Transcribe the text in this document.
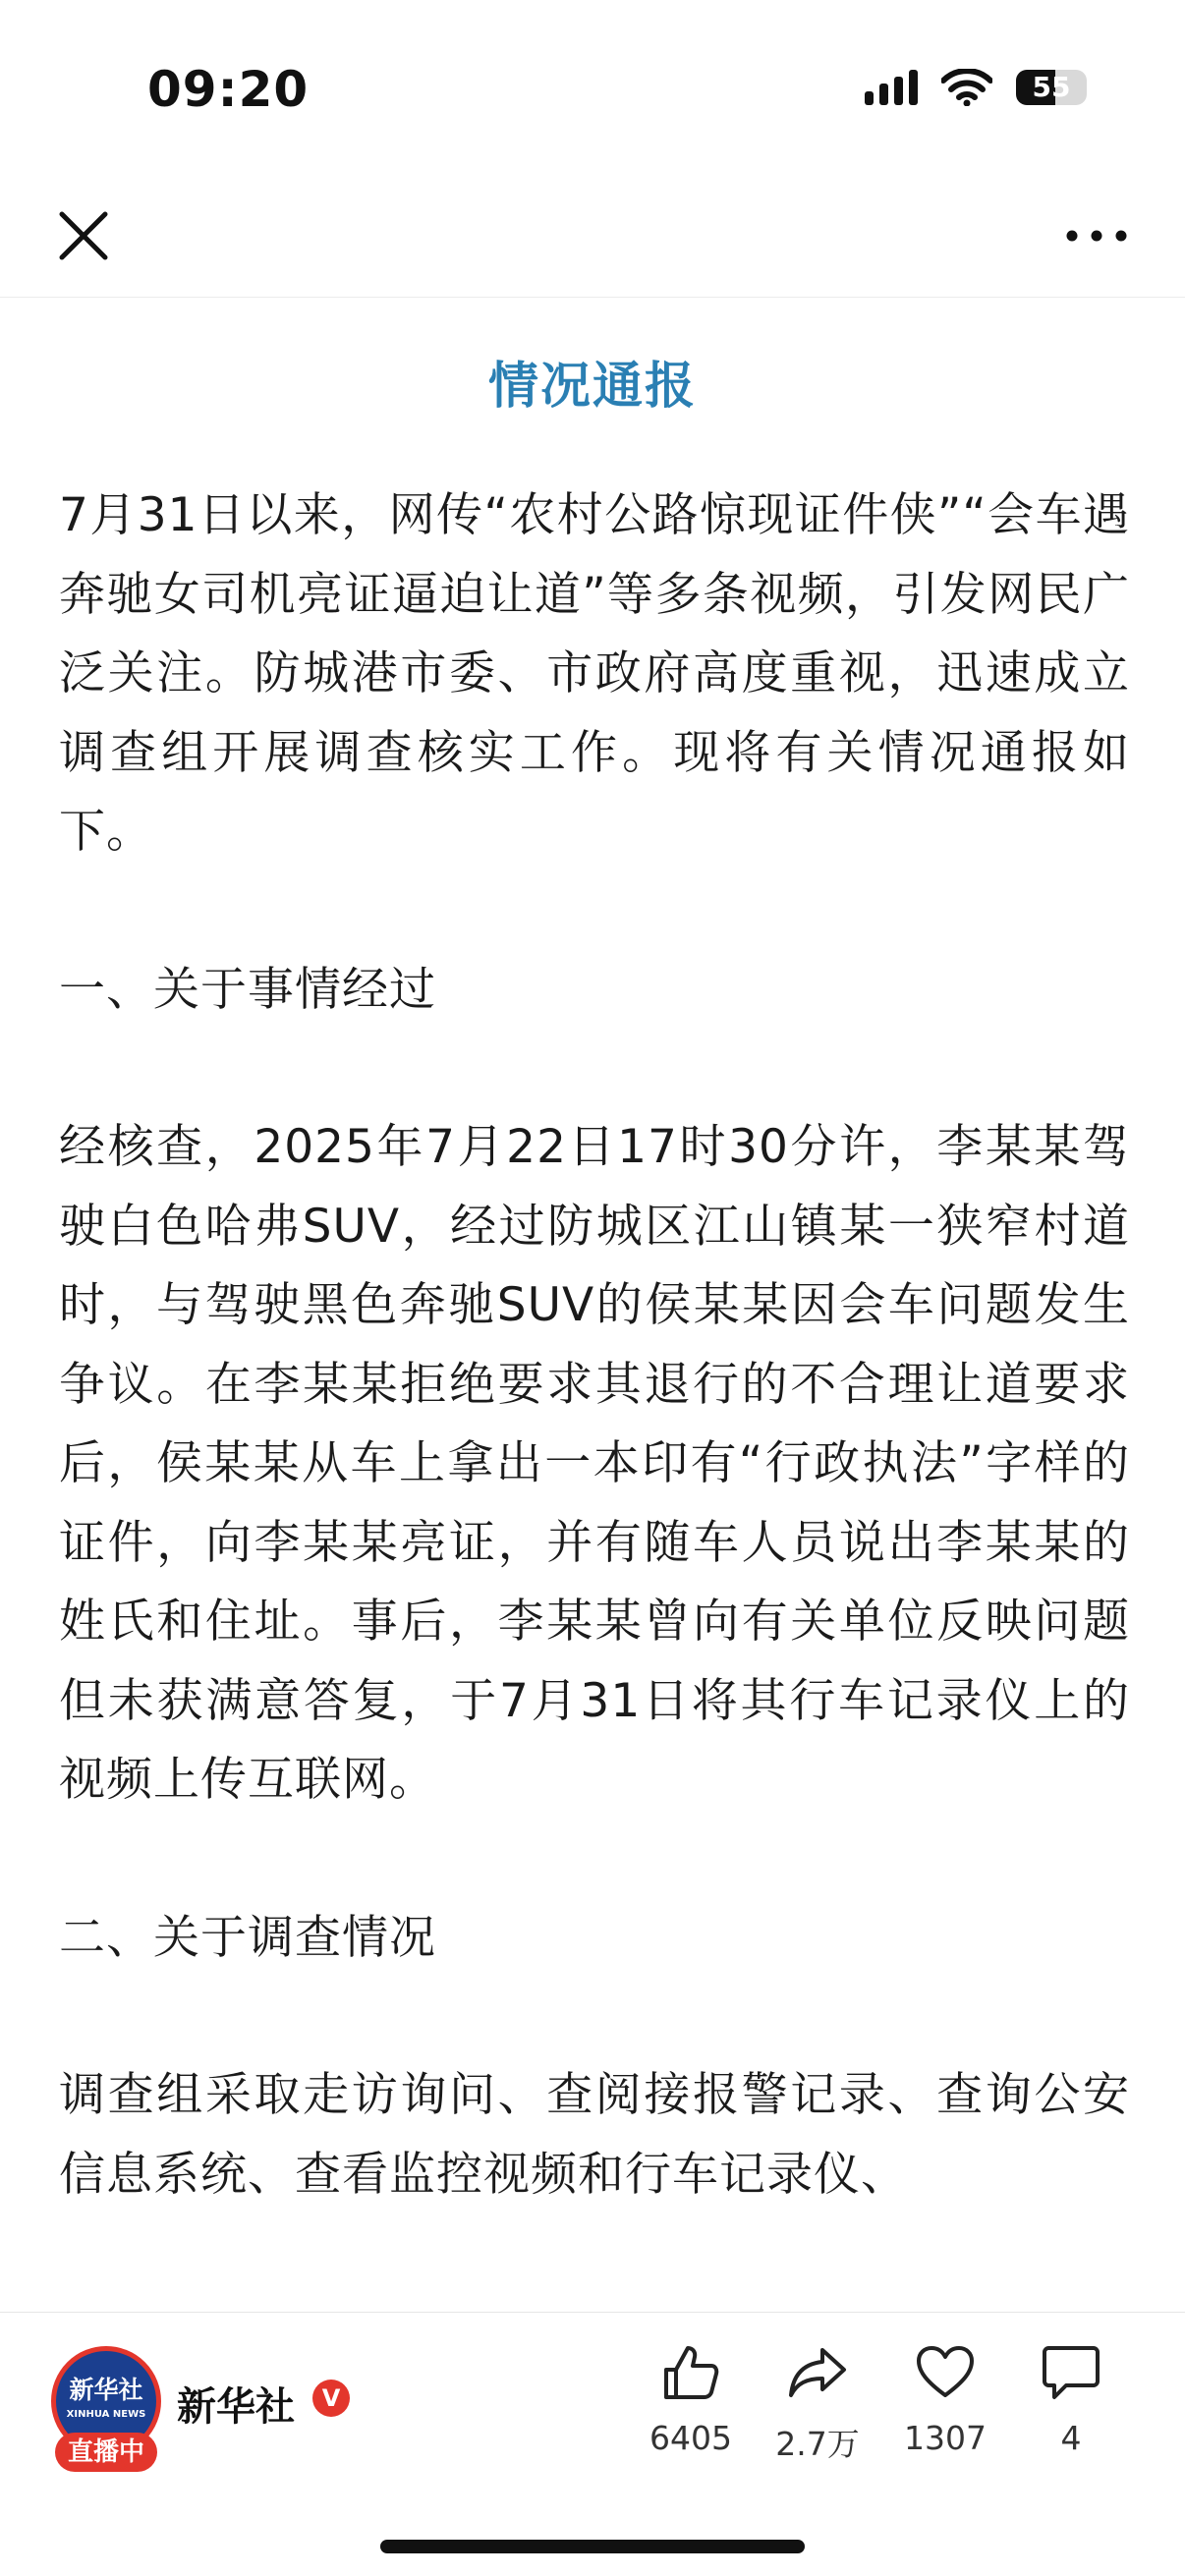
09:20	55
情况通报
7月31日以来，网传“农村公路惊现证件侠”“会车遇奔驰女司机亮证逼迫让道”等多条视频，引发网民广泛关注。防城港市委、市政府高度重视，迅速成立调查组开展调查核实工作。现将有关情况通报如下。
一、关于事情经过
经核查，2025年7月22日17时30分许，李某某驾驶白色哈弗SUV，经过防城区江山镇某一狭窄村道时，与驾驶黑色奔驰SUV的侯某某因会车问题发生争议。在李某某拒绝要求其退行的不合理让道要求后，侯某某从车上拿出一本印有“行政执法”字样的证件，向李某某亮证，并有随车人员说出李某某的姓氏和住址。事后，李某某曾向有关单位反映问题但未获满意答复，于7月31日将其行车记录仪上的视频上传互联网。
二、关于调查情况
调查组采取走访询问、查阅接报警记录、查询公安信息系统、查看监控视频和行车记录仪、
新华社
XINHUA NEWS
直播中
新华社	V
6405	2.7万	1307	4
